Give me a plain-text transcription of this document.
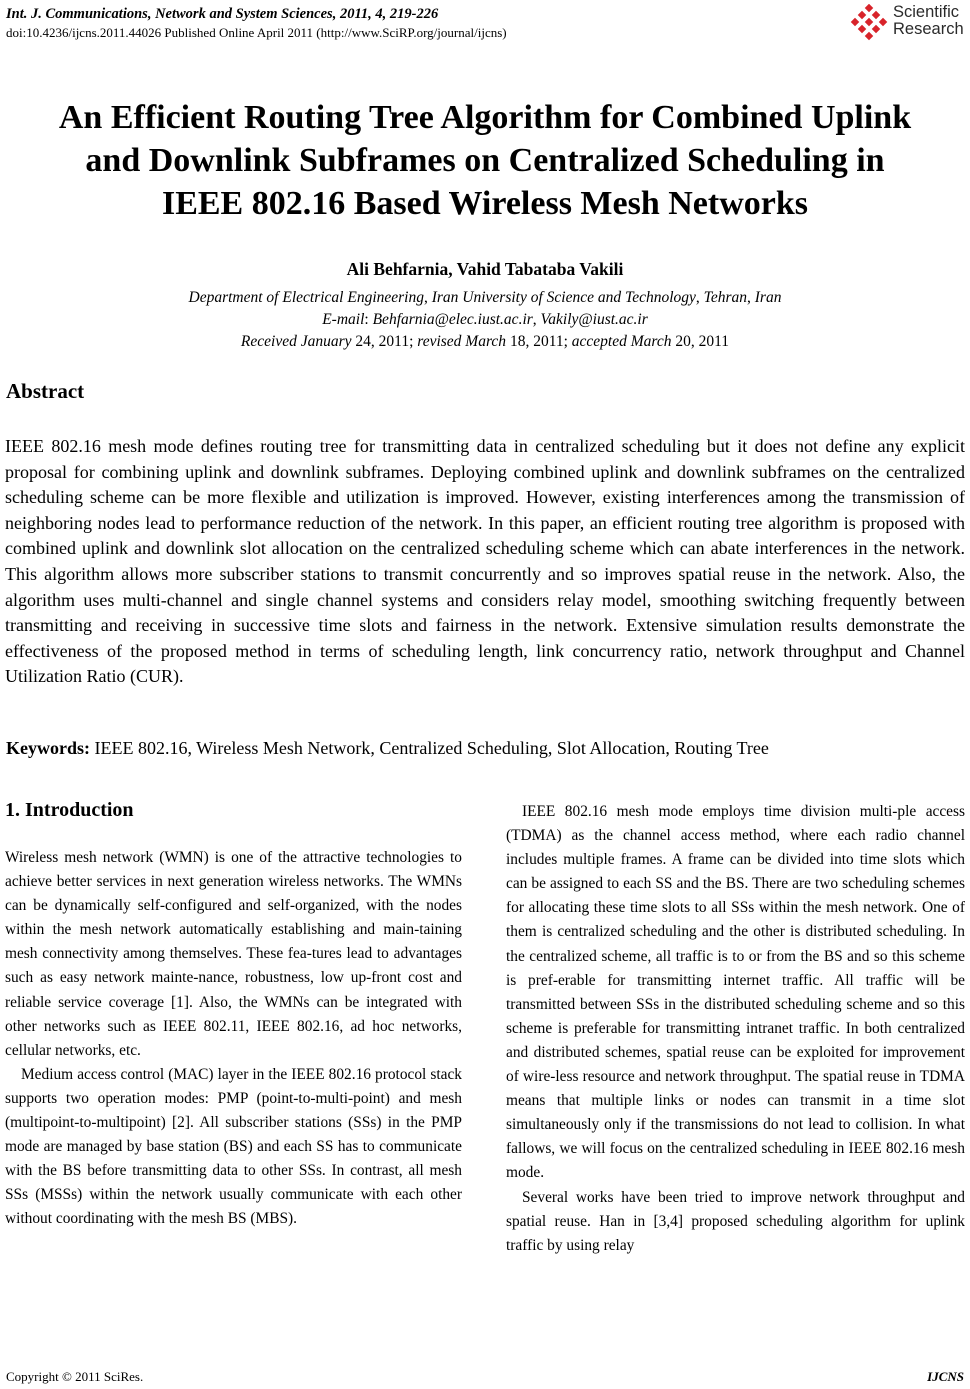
Int. J. Communications, Network and System Sciences, 2011, 4, 219-226
doi:10.4236/ijcns.2011.44026 Published Online April 2011 (http://www.SciRP.org/journal/ijcns)
Scientific
Research
An Efficient Routing Tree Algorithm for Combined Uplink
and Downlink Subframes on Centralized Scheduling in
IEEE 802.16 Based Wireless Mesh Networks
Ali Behfarnia, Vahid Tabataba Vakili
Department of Electrical Engineering, Iran University of Science and Technology, Tehran, Iran
E-mail: Behfarnia@elec.iust.ac.ir, Vakily@iust.ac.ir
Received January 24, 2011; revised March 18, 2011; accepted March 20, 2011
Abstract

IEEE 802.16 mesh mode defines routing tree for transmitting data in centralized scheduling but it does not define any explicit proposal for combining uplink and downlink subframes. Deploying combined uplink and downlink subframes on the centralized scheduling scheme can be more flexible and utilization is improved. However, existing interferences among the transmission of neighboring nodes lead to performance reduction of the network. In this paper, an efficient routing tree algorithm is proposed with combined uplink and downlink slot allocation on the centralized scheduling scheme which can abate interferences in the network. This algorithm allows more subscriber stations to transmit concurrently and so improves spatial reuse in the network. Also, the algorithm uses multi-channel and single channel systems and considers relay model, smoothing switching frequently between transmitting and receiving in successive time slots and fairness in the network. Extensive simulation results demonstrate the effectiveness of the proposed method in terms of scheduling length, link concurrency ratio, network throughput and Channel Utilization Ratio (CUR).

Keywords: IEEE 802.16, Wireless Mesh Network, Centralized Scheduling, Slot Allocation, Routing Tree
1. Introduction

Wireless mesh network (WMN) is one of the attractive technologies to achieve better services in next generation wireless networks. The WMNs can be dynamically self-configured and self-organized, with the nodes within the mesh network automatically establishing and main-taining mesh connectivity among themselves. These fea-tures lead to advantages such as easy network mainte-nance, robustness, low up-front cost and reliable service coverage [1]. Also, the WMNs can be integrated with other networks such as IEEE 802.11, IEEE 802.16, ad hoc networks, cellular networks, etc.

Medium access control (MAC) layer in the IEEE 802.16 protocol stack supports two operation modes: PMP (point-to-multi-point) and mesh (multipoint-to-multipoint) [2]. All subscriber stations (SSs) in the PMP mode are managed by base station (BS) and each SS has to communicate with the BS before transmitting data to other SSs. In contrast, all mesh SSs (MSSs) within the network usually communicate with each other without coordinating with the mesh BS (MBS).

IEEE 802.16 mesh mode employs time division multi-ple access (TDMA) as the channel access method, where each radio channel includes multiple frames. A frame can be divided into time slots which can be assigned to each SS and the BS. There are two scheduling schemes for allocating these time slots to all SSs within the mesh network. One of them is centralized scheduling and the other is distributed scheduling. In the centralized scheme, all traffic is to or from the BS and so this scheme is pref-erable for transmitting internet traffic. All traffic will be transmitted between SSs in the distributed scheduling scheme and so this scheme is preferable for transmitting intranet traffic. In both centralized and distributed schemes, spatial reuse can be exploited for improvement of wire-less resource and network throughput. The spatial reuse in TDMA means that multiple links or nodes can transmit in a time slot simultaneously only if the transmissions do not lead to collision. In what fallows, we will focus on the centralized scheduling in IEEE 802.16 mesh mode.

Several works have been tried to improve network throughput and spatial reuse. Han in [3,4] proposed scheduling algorithm for uplink traffic by using relay

Copyright © 2011 SciRes.	IJCNS
